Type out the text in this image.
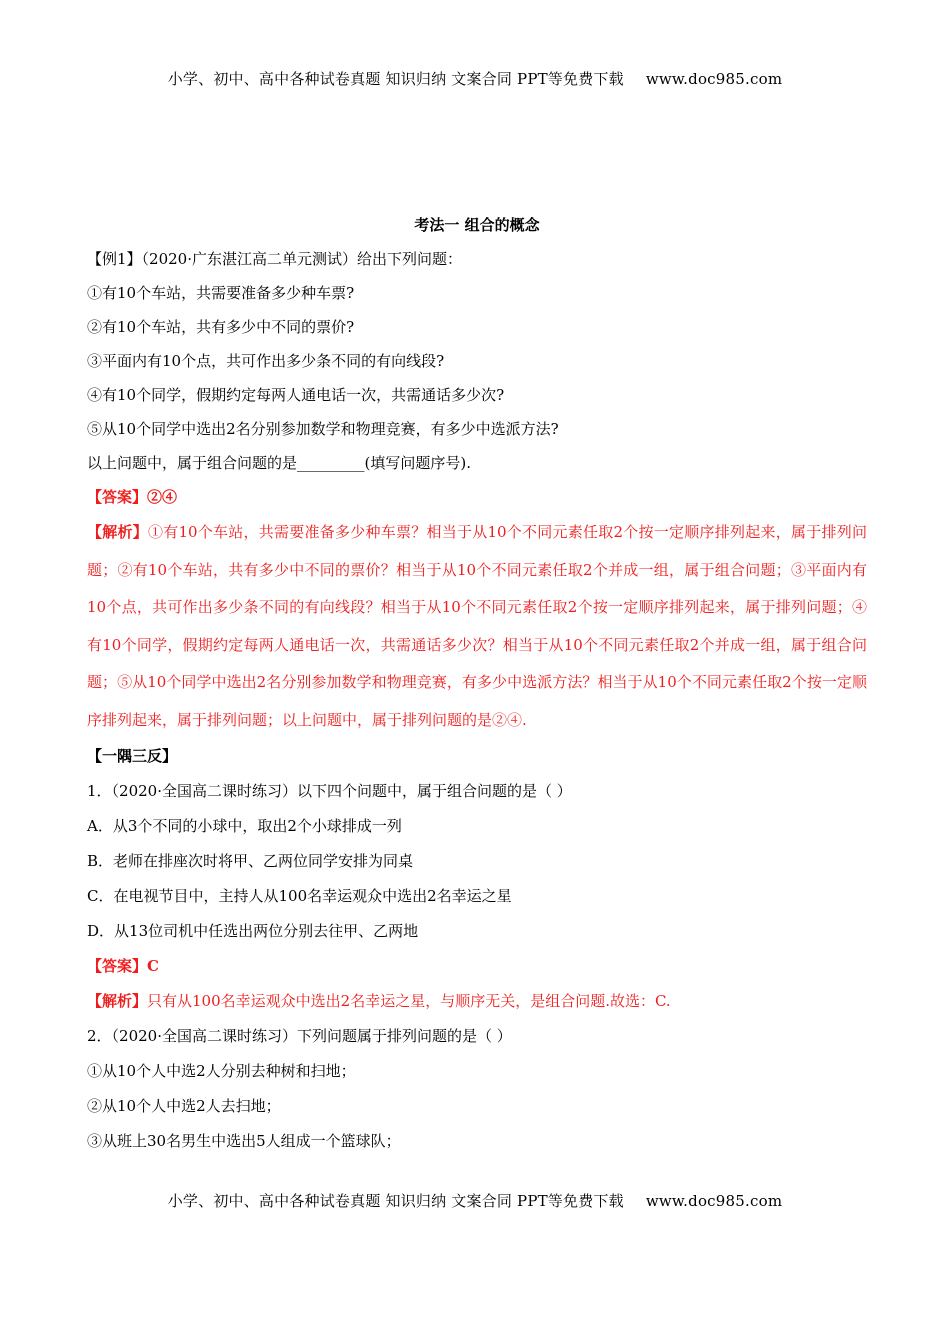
小学、初中、高中各种试卷真题 知识归纳 文案合同 PPT等免费下载 www.doc985.com
考法一 组合的概念
【例1】（2020·广东湛江高二单元测试）给出下列问题：
①有10个车站，共需要准备多少种车票?
②有10个车站，共有多少中不同的票价?
③平面内有10个点，共可作出多少条不同的有向线段?
④有10个同学，假期约定每两人通电话一次，共需通话多少次?
⑤从10个同学中选出2名分别参加数学和物理竞赛，有多少中选派方法?
以上问题中，属于组合问题的是_________(填写问题序号).
【答案】②④

【解析】①有10个车站，共需要准备多少种车票？相当于从10个不同元素任取2个按一定顺序排列起来，属于排列问题；②有10个车站，共有多少中不同的票价？相当于从10个不同元素任取2个并成一组，属于组合问题；③平面内有10个点，共可作出多少条不同的有向线段？相当于从10个不同元素任取2个按一定顺序排列起来，属于排列问题；④有10个同学，假期约定每两人通电话一次，共需通话多少次？相当于从10个不同元素任取2个并成一组，属于组合问题；⑤从10个同学中选出2名分别参加数学和物理竞赛，有多少中选派方法？相当于从10个不同元素任取2个按一定顺序排列起来，属于排列问题；以上问题中，属于排列问题的是②④.

【一隅三反】
1．（2020·全国高二课时练习）以下四个问题中，属于组合问题的是（ ）
A．从3个不同的小球中，取出2个小球排成一列
B．老师在排座次时将甲、乙两位同学安排为同桌
C．在电视节目中，主持人从100名幸运观众中选出2名幸运之星
D．从13位司机中任选出两位分别去往甲、乙两地
【答案】C
【解析】只有从100名幸运观众中选出2名幸运之星，与顺序无关，是组合问题.故选：C.
2．（2020·全国高二课时练习）下列问题属于排列问题的是（ ）
①从10个人中选2人分别去种树和扫地；
②从10个人中选2人去扫地；
③从班上30名男生中选出5人组成一个篮球队；
小学、初中、高中各种试卷真题 知识归纳 文案合同 PPT等免费下载 www.doc985.com
